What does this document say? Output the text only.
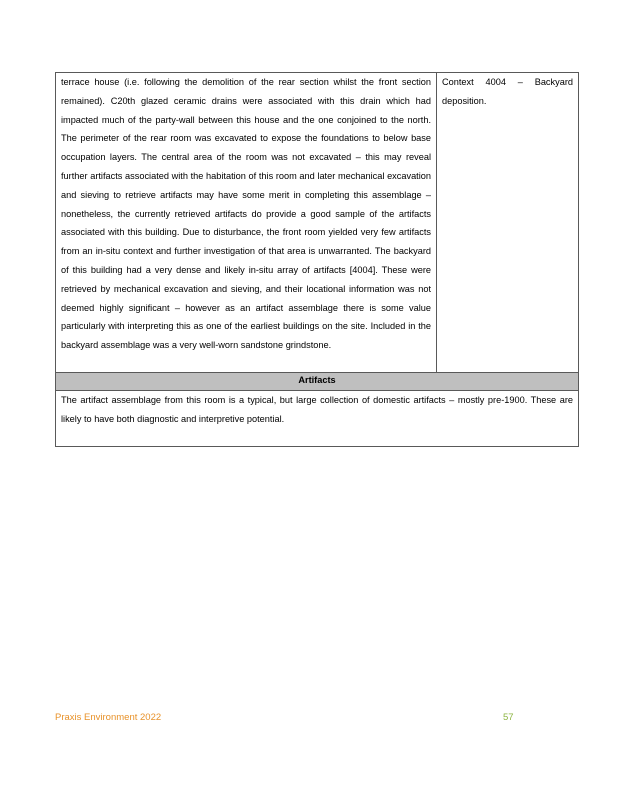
terrace house (i.e. following the demolition of the rear section whilst the front section remained). C20th glazed ceramic drains were associated with this drain which had impacted much of the party-wall between this house and the one conjoined to the north. The perimeter of the rear room was excavated to expose the foundations to below base occupation layers. The central area of the room was not excavated – this may reveal further artifacts associated with the habitation of this room and later mechanical excavation and sieving to retrieve artifacts may have some merit in completing this assemblage – nonetheless, the currently retrieved artifacts do provide a good sample of the artifacts associated with this building. Due to disturbance, the front room yielded very few artifacts from an in-situ context and further investigation of that area is unwarranted. The backyard of this building had a very dense and likely in-situ array of artifacts [4004]. These were retrieved by mechanical excavation and sieving, and their locational information was not deemed highly significant – however as an artifact assemblage there is some value particularly with interpreting this as one of the earliest buildings on the site. Included in the backyard assemblage was a very well-worn sandstone grindstone.	Context 4004 – Backyard deposition.
Artifacts
The artifact assemblage from this room is a typical, but large collection of domestic artifacts – mostly pre-1900. These are likely to have both diagnostic and interpretive potential.
Praxis Environment 2022	57
